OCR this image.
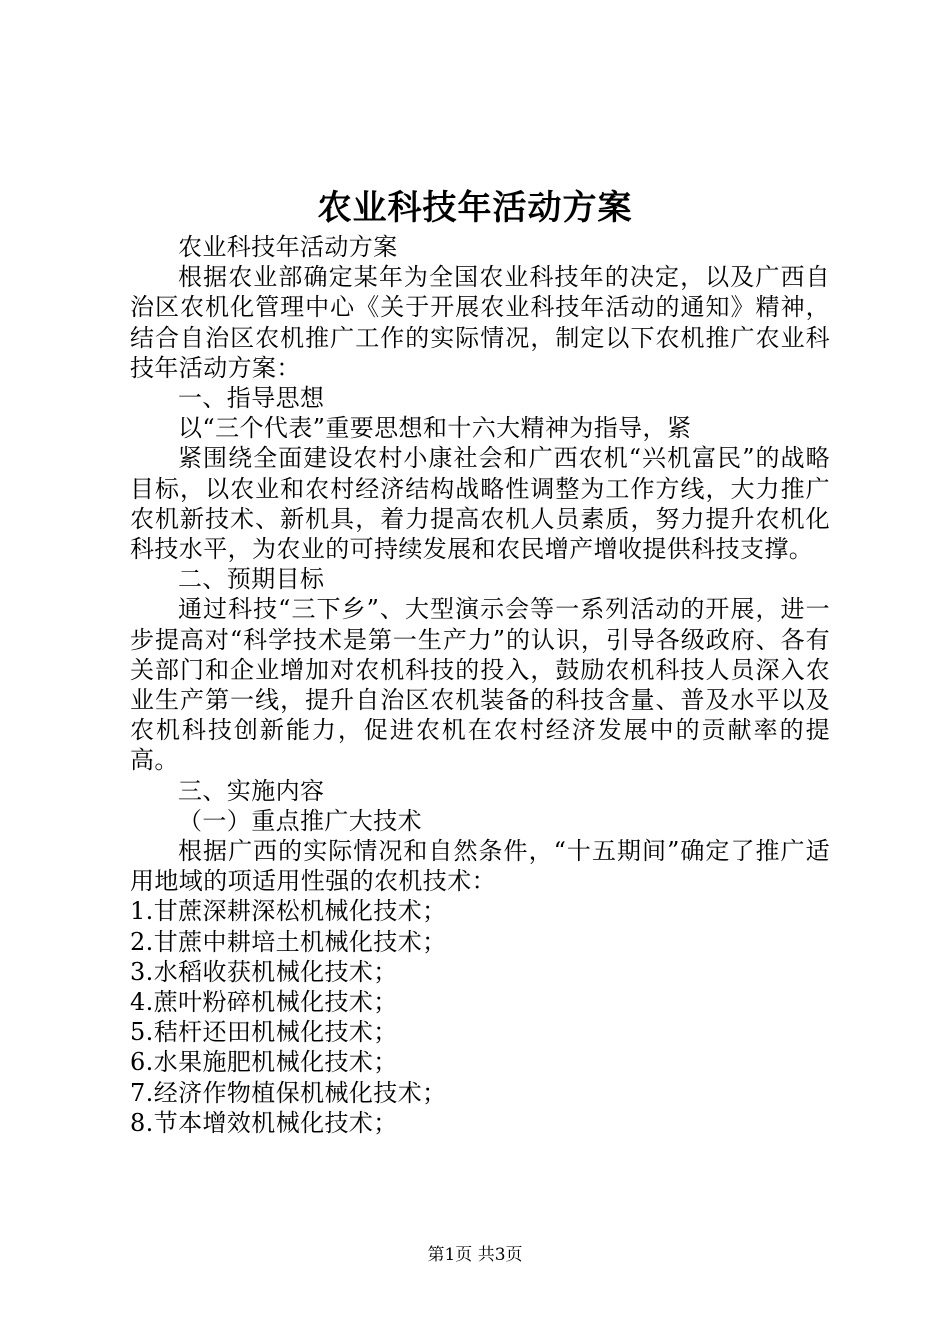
农业科技年活动方案

农业科技年活动方案

根据农业部确定某年为全国农业科技年的决定，以及广西自治区农机化管理中心《关于开展农业科技年活动的通知》精神，结合自治区农机推广工作的实际情况，制定以下农机推广农业科技年活动方案：

一、指导思想

以“三个代表”重要思想和十六大精神为指导，紧

紧围绕全面建设农村小康社会和广西农机“兴机富民”的战略目标，以农业和农村经济结构战略性调整为工作方线，大力推广农机新技术、新机具，着力提高农机人员素质，努力提升农机化科技水平，为农业的可持续发展和农民增产增收提供科技支撑。

二、预期目标

通过科技“三下乡”、大型演示会等一系列活动的开展，进一步提高对“科学技术是第一生产力”的认识，引导各级政府、各有关部门和企业增加对农机科技的投入，鼓励农机科技人员深入农业生产第一线，提升自治区农机装备的科技含量、普及水平以及农机科技创新能力，促进农机在农村经济发展中的贡献率的提高。

三、实施内容

（一）重点推广大技术

根据广西的实际情况和自然条件，“十五期间”确定了推广适用地域的项适用性强的农机技术：

1.甘蔗深耕深松机械化技术；

2.甘蔗中耕培土机械化技术；

3.水稻收获机械化技术；

4.蔗叶粉碎机械化技术；

5.秸杆还田机械化技术；

6.水果施肥机械化技术；

7.经济作物植保机械化技术；

8.节本增效机械化技术；

第1页 共3页
